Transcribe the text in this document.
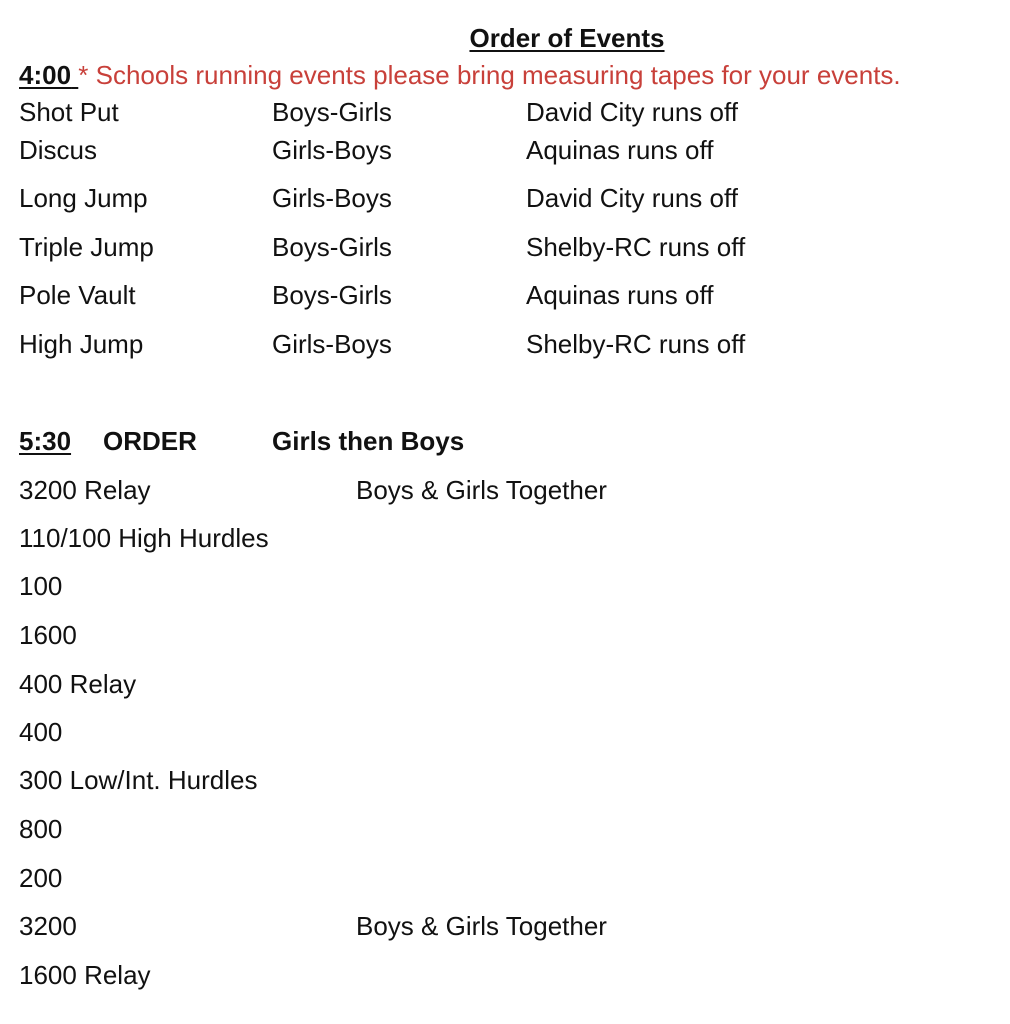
Order of Events
4:00 * Schools running events please bring measuring tapes for your events.
Shot Put	Boys-Girls	David City runs off
Discus	Girls-Boys	Aquinas runs off
Long Jump	Girls-Boys	David City runs off
Triple Jump	Boys-Girls	Shelby-RC runs off
Pole Vault	Boys-Girls	Aquinas runs off
High Jump	Girls-Boys	Shelby-RC runs off
5:30 ORDER	Girls then Boys
3200 Relay	Boys & Girls Together
110/100 High Hurdles
100
1600
400 Relay
400
300 Low/Int. Hurdles
800
200
3200	Boys & Girls Together
1600 Relay
